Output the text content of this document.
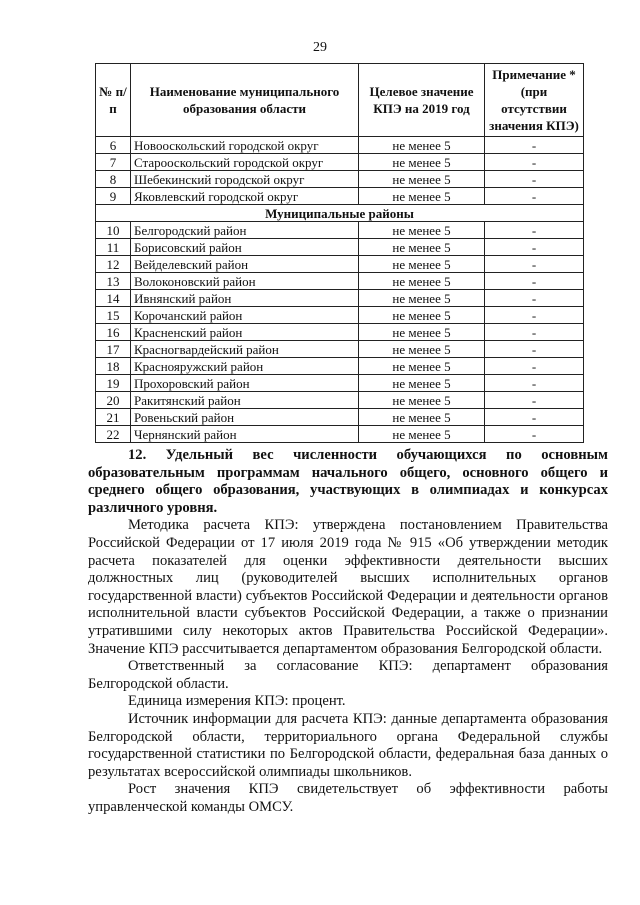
29
№ п/п	Наименование муниципального образования области	Целевое значение КПЭ на 2019 год	Примечание * (при отсутствии значения КПЭ)
6	Новооскольский городской округ	не менее 5	-
7	Старооскольский городской округ	не менее 5	-
8	Шебекинский городской округ	не менее 5	-
9	Яковлевский городской округ	не менее 5	-
Муниципальные районы			
10	Белгородский район	не менее 5	-
11	Борисовский район	не менее 5	-
12	Вейделевский район	не менее 5	-
13	Волоконовский район	не менее 5	-
14	Ивнянский район	не менее 5	-
15	Корочанский район	не менее 5	-
16	Красненский район	не менее 5	-
17	Красногвардейский район	не менее 5	-
18	Краснояружский район	не менее 5	-
19	Прохоровский район	не менее 5	-
20	Ракитянский район	не менее 5	-
21	Ровеньский район	не менее 5	-
22	Чернянский район	не менее 5	-

12. Удельный вес численности обучающихся по основным образовательным программам начального общего, основного общего и среднего общего образования, участвующих в олимпиадах и конкурсах различного уровня.

Методика расчета КПЭ: утверждена постановлением Правительства Российской Федерации от 17 июля 2019 года № 915 «Об утверждении методик расчета показателей для оценки эффективности деятельности высших должностных лиц (руководителей высших исполнительных органов государственной власти) субъектов Российской Федерации и деятельности органов исполнительной власти субъектов Российской Федерации, а также о признании утратившими силу некоторых актов Правительства Российской Федерации». Значение КПЭ рассчитывается департаментом образования Белгородской области.

Ответственный за согласование КПЭ: департамент образования Белгородской области.

Единица измерения КПЭ: процент.

Источник информации для расчета КПЭ: данные департамента образования Белгородской области, территориального органа Федеральной службы государственной статистики по Белгородской области, федеральная база данных о результатах всероссийской олимпиады школьников.

Рост значения КПЭ свидетельствует об эффективности работы управленческой команды ОМСУ.
